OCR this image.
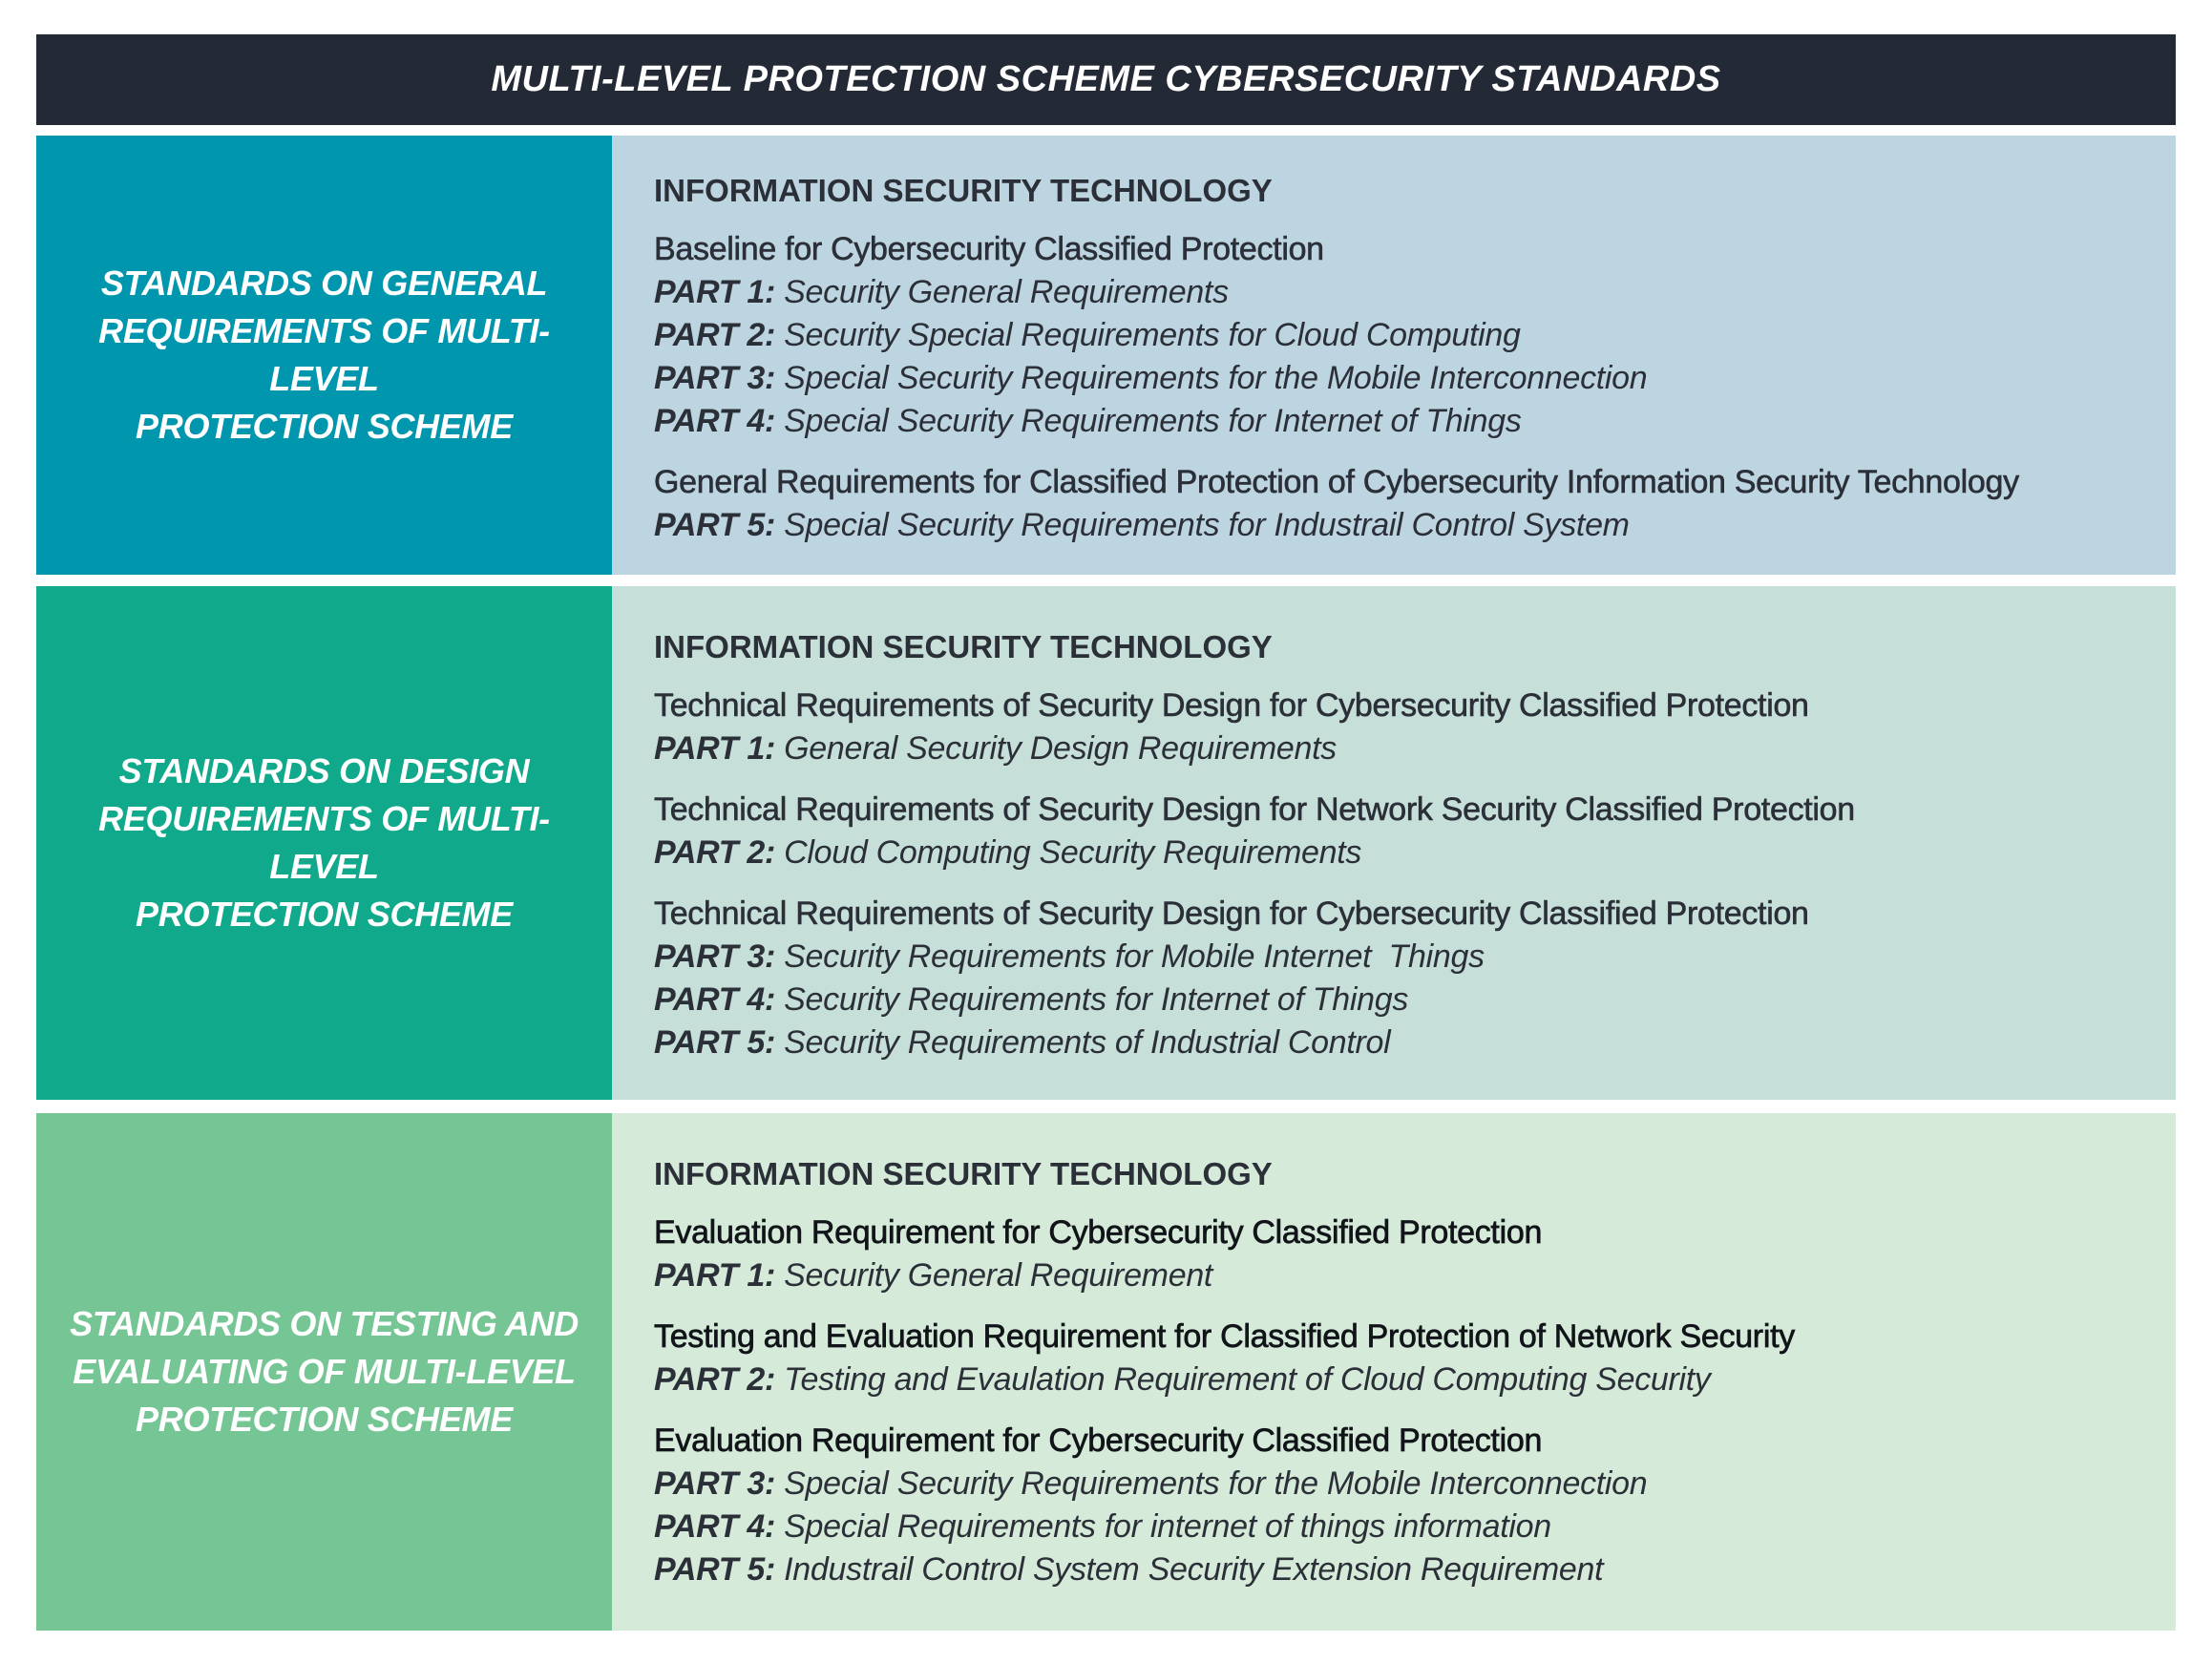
MULTI-LEVEL PROTECTION SCHEME CYBERSECURITY STANDARDS
STANDARDS ON GENERAL
REQUIREMENTS OF MULTI-LEVEL
PROTECTION SCHEME
INFORMATION SECURITY TECHNOLOGY
Baseline for Cybersecurity Classified Protection
PART 1: Security General Requirements
PART 2: Security Special Requirements for Cloud Computing
PART 3: Special Security Requirements for the Mobile Interconnection
PART 4: Special Security Requirements for Internet of Things
General Requirements for Classified Protection of Cybersecurity Information Security Technology
PART 5: Special Security Requirements for Industrail Control System
STANDARDS ON DESIGN
REQUIREMENTS OF MULTI-LEVEL
PROTECTION SCHEME
INFORMATION SECURITY TECHNOLOGY
Technical Requirements of Security Design for Cybersecurity Classified Protection
PART 1: General Security Design Requirements
Technical Requirements of Security Design for Network Security Classified Protection
PART 2: Cloud Computing Security Requirements
Technical Requirements of Security Design for Cybersecurity Classified Protection
PART 3: Security Requirements for Mobile Internet  Things
PART 4: Security Requirements for Internet of Things
PART 5: Security Requirements of Industrial Control
STANDARDS ON TESTING AND
EVALUATING OF MULTI-LEVEL
PROTECTION SCHEME
INFORMATION SECURITY TECHNOLOGY
Evaluation Requirement for Cybersecurity Classified Protection
PART 1: Security General Requirement
Testing and Evaluation Requirement for Classified Protection of Network Security
PART 2: Testing and Evaulation Requirement of Cloud Computing Security
Evaluation Requirement for Cybersecurity Classified Protection
PART 3: Special Security Requirements for the Mobile Interconnection
PART 4: Special Requirements for internet of things information
PART 5: Industrail Control System Security Extension Requirement
